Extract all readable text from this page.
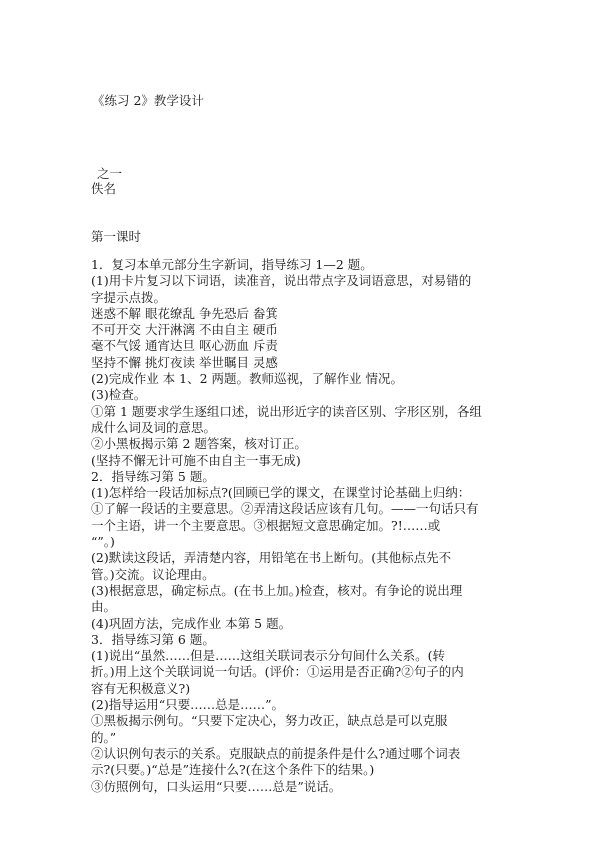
《练习 2》教学设计
之一
佚名
第一课时
1．复习本单元部分生字新词，指导练习 1—2 题。
(1)用卡片复习以下词语，读准音，说出带点字及词语意思，对易错的
字提示点拨。
迷惑不解 眼花缭乱 争先恐后 畚箕
不可开交 大汗淋漓 不由自主 硬币
毫不气馁 通宵达旦 呕心沥血 斥责
坚持不懈 挑灯夜读 举世瞩目 灵感
(2)完成作业 本 1、2 两题。教师巡视，了解作业 情况。
(3)检查。
①第 1 题要求学生逐组口述，说出形近字的读音区别、字形区别，各组
成什么词及词的意思。
②小黑板揭示第 2 题答案，核对订正。
(坚持不懈无计可施不由自主一事无成)
2．指导练习第 5 题。
(1)怎样给一段话加标点?(回顾已学的课文，在课堂讨论基础上归纳：
①了解一段话的主要意思。②弄清这段话应该有几句。——一句话只有
一个主语，讲一个主要意思。③根据短文意思确定加。?!……或
“”。)
(2)默读这段话，弄清楚内容，用铅笔在书上断句。(其他标点先不
管。)交流。议论理由。
(3)根据意思，确定标点。(在书上加。)检查，核对。有争论的说出理
由。
(4)巩固方法，完成作业 本第 5 题。
3．指导练习第 6 题。
(1)说出“虽然……但是……这组关联词表示分句间什么关系。(转
折。)用上这个关联词说一句话。(评价：①运用是否正确?②句子的内
容有无积极意义?)
(2)指导运用“只要……总是……”。
①黑板揭示例句。“只要下定决心，努力改正，缺点总是可以克服
的。”
②认识例句表示的关系。克服缺点的前提条件是什么?通过哪个词表
示?(只要。)“总是”连接什么?(在这个条件下的结果。)
③仿照例句，口头运用“只要……总是”说话。
